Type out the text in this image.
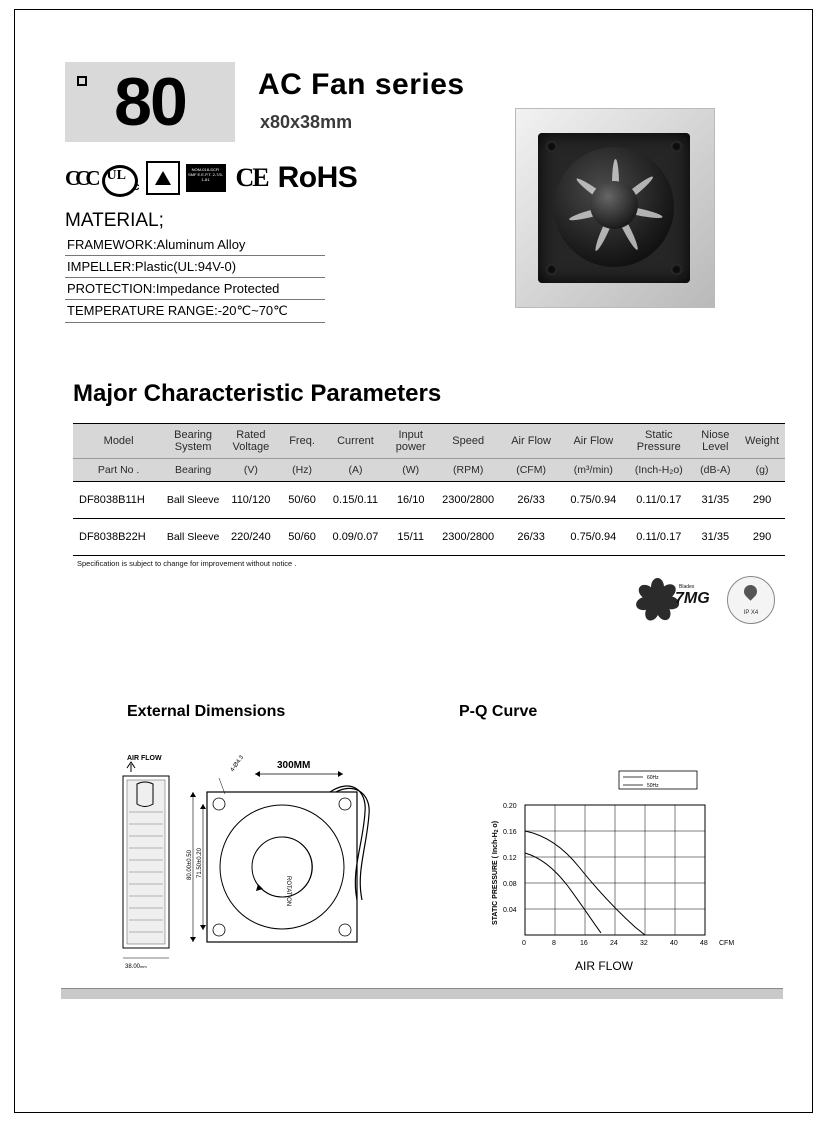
80 AC Fan series
x80x38mm
CCC UL
c
NOM-018-SCFI SMF E.E.P.T. 2-7/5-1-81	CE RoHS
MATERIAL;
FRAMEWORK:Aluminum Alloy
IMPELLER:Plastic(UL:94V-0)
PROTECTION:Impedance Protected
TEMPERATURE RANGE:-20℃~70℃
Major Characteristic Parameters
Model	Bearing System	Rated Voltage	Freq.	Current	Input power	Speed	Air Flow	Air Flow	Static Pressure	Niose Level	Weight
Part No .	Bearing	(V)	(Hz)	(A)	(W)	(RPM)	(CFM)	(m³/min)	(Inch-H₂o)	(dB-A)	(g)
DF8038B11H	Ball Sleeve	110/120	50/60	0.15/0.11	16/10	2300/2800	26/33	0.75/0.94	0.11/0.17	31/35	290
DF8038B22H	Ball Sleeve	220/240	50/60	0.09/0.07	15/11	2300/2800	26/33	0.75/0.94	0.11/0.17	31/35	290
Specification is subject to change for improvement without notice .
Blades
7MG
IP X4
External Dimensions	P-Q Curve
AIR FLOW
38.00mm
ROTATION
300MM
4-Ø4.3
80.00±0.50 71.50±0.20
60Hz
50Hz
0.20
0.16
0.12
0.08
0.04
0	8	16	24	32	40	48 CFM
STATIC PRESSURE ( Inch-H2 o)
AIR FLOW
